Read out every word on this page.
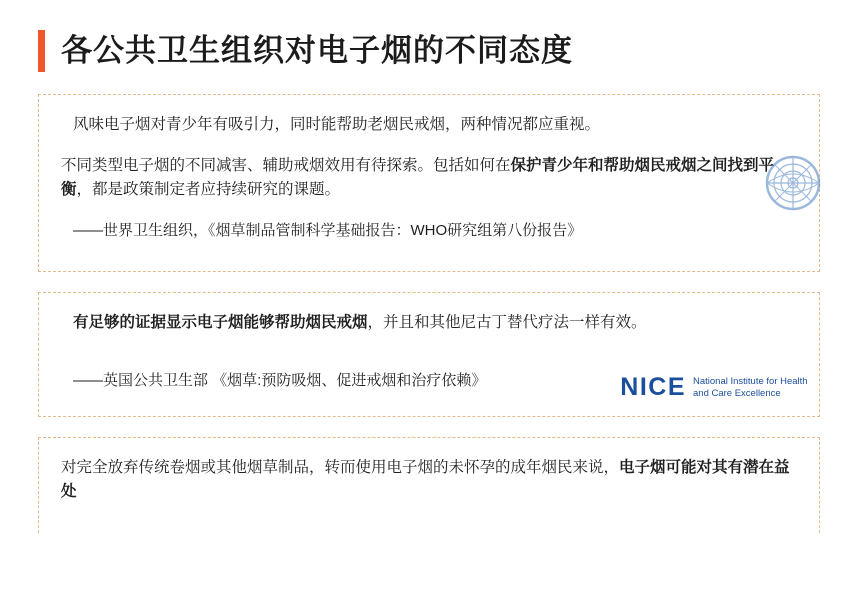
各公共卫生组织对电子烟的不同态度

风味电子烟对青少年有吸引力，同时能帮助老烟民戒烟，两种情况都应重视。

不同类型电子烟的不同减害、辅助戒烟效用有待探索。包括如何在保护青少年和帮助烟民戒烟之间找到平衡，都是政策制定者应持续研究的课题。

——世界卫生组织，《烟草制品管制科学基础报告：WHO研究组第八份报告》

有足够的证据显示电子烟能够帮助烟民戒烟，并且和其他尼古丁替代疗法一样有效。

——英国公共卫生部 《烟草:预防吸烟、促进戒烟和治疗依赖》	NICE National Institute for Health and Care Excellence

对完全放弃传统卷烟或其他烟草制品，转而使用电子烟的未怀孕的成年烟民来说，电子烟可能对其有潜在益处
